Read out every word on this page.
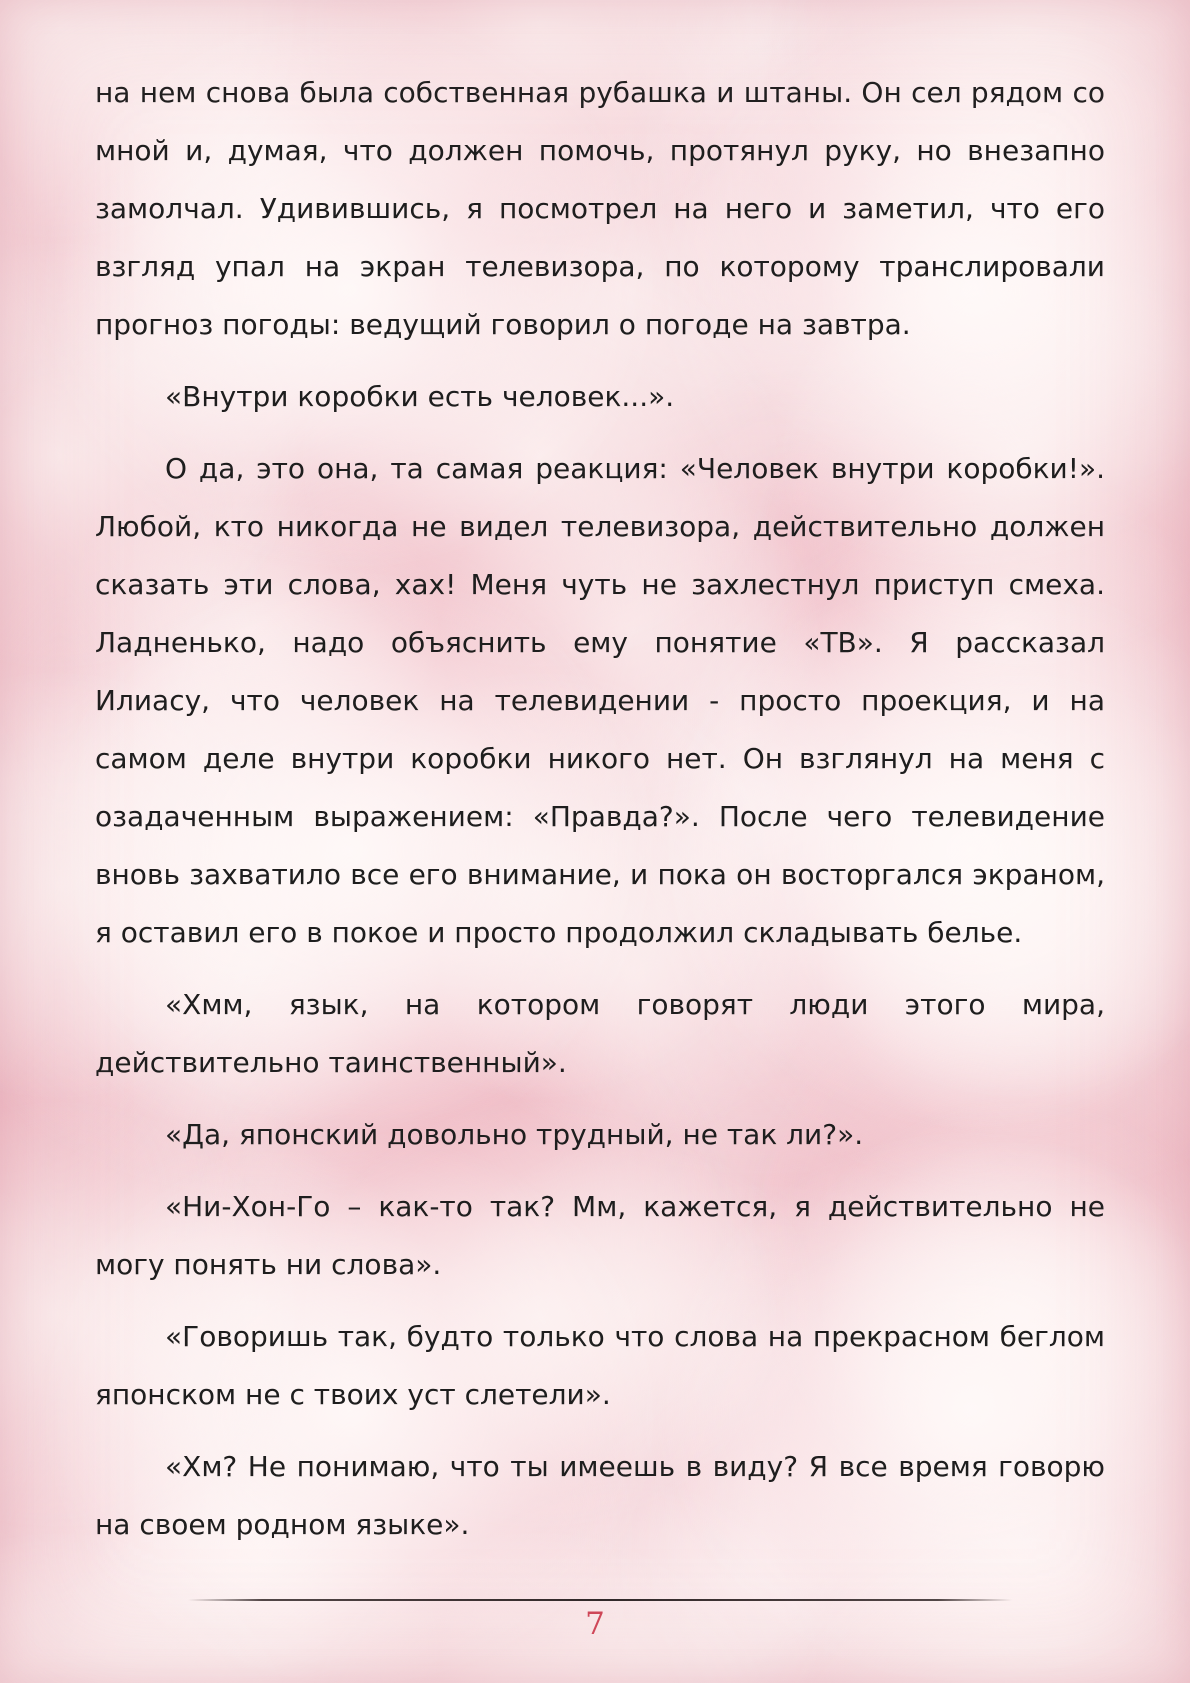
на нем снова была собственная рубашка и штаны. Он сел рядом со мной и, думая, что должен помочь, протянул руку, но внезапно замолчал. Удивившись, я посмотрел на него и заметил, что его взгляд упал на экран телевизора, по которому транслировали прогноз погоды: ведущий говорил о погоде на завтра.

«Внутри коробки есть человек...».

О да, это она, та самая реакция: «Человек внутри коробки!». Любой, кто никогда не видел телевизора, действительно должен сказать эти слова, хах! Меня чуть не захлестнул приступ смеха. Ладненько, надо объяснить ему понятие «ТВ». Я рассказал Илиасу, что человек на телевидении - просто проекция, и на самом деле внутри коробки никого нет. Он взглянул на меня с озадаченным выражением: «Правда?». После чего телевидение вновь захватило все его внимание, и пока он восторгался экраном, я оставил его в покое и просто продолжил складывать белье.

«Хмм, язык, на котором говорят люди этого мира, действительно таинственный».

«Да, японский довольно трудный, не так ли?».

«Ни-Хон-Го – как-то так? Мм, кажется, я действительно не могу понять ни слова».

«Говоришь так, будто только что слова на прекрасном беглом японском не с твоих уст слетели».

«Хм? Не понимаю, что ты имеешь в виду? Я все время говорю на своем родном языке».

7
